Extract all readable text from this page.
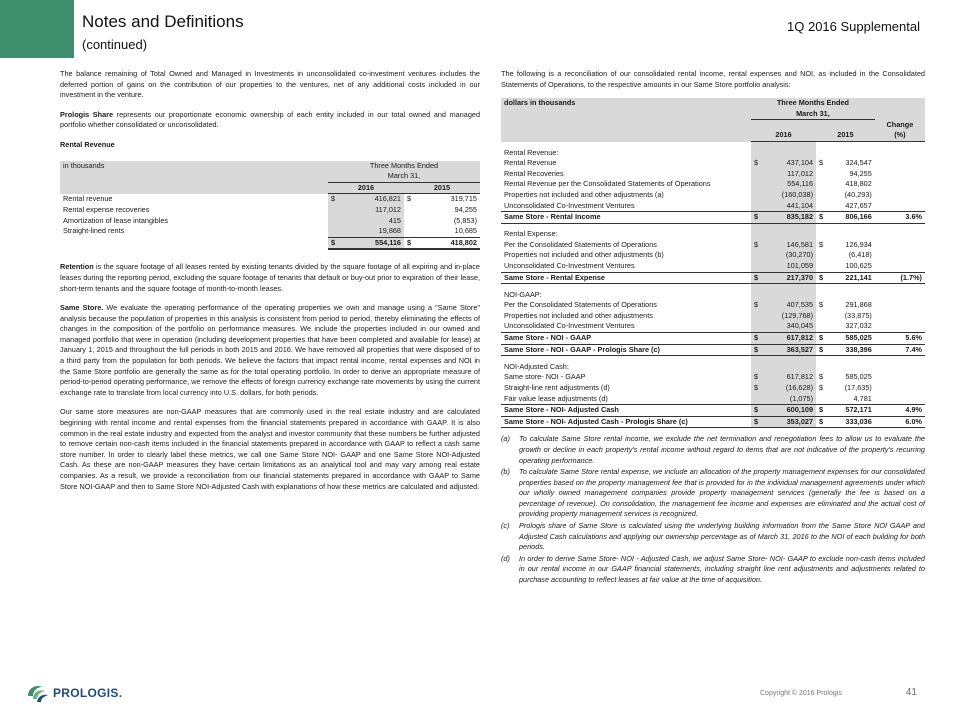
Notes and Definitions
(continued)
1Q 2016 Supplemental

The balance remaining of Total Owned and Managed in Investments in unconsolidated co-investment ventures includes the deferred portion of gains on the contribution of our properties to the ventures, net of any additional costs included in our investment in the venture.

Prologis Share represents our proportionate economic ownership of each entity included in our total owned and managed portfolio whether consolidated or unconsolidated.

Rental Revenue
in thousands	Three Months Ended			
	March 31,			
	2016		2015	
Rental revenue	$	416,821	$	319,715
Rental expense recoveries		117,012		94,255
Amortization of lease intangibles		415		(5,853)
Straight-lined rents		19,868		10,685
	$	554,116	$	418,802

Retention is the square footage of all leases rented by existing tenants divided by the square footage of all expiring and in-place leases during the reporting period, excluding the square footage of tenants that default or buy-out prior to expiration of their lease, short-term tenants and the square footage of month-to-month leases.

Same Store. We evaluate the operating performance of the operating properties we own and manage using a "Same Store" analysis because the population of properties in this analysis is consistent from period to period, thereby eliminating the effects of changes in the composition of the portfolio on performance measures. We include the properties included in our owned and managed portfolio that were in operation (including development properties that have been completed and available for lease) at January 1, 2015 and throughout the full periods in both 2015 and 2016. We have removed all properties that were disposed of to a third party from the population for both periods. We believe the factors that impact rental income, rental expenses and NOI in the Same Store portfolio are generally the same as for the total operating portfolio. In order to derive an appropriate measure of period-to-period operating performance, we remove the effects of foreign currency exchange rate movements by using the current exchange rate to translate from local currency into U.S. dollars, for both periods.

Our same store measures are non-GAAP measures that are commonly used in the real estate industry and are calculated beginning with rental income and rental expenses from the financial statements prepared in accordance with GAAP. It is also common in the real estate industry and expected from the analyst and investor community that these numbers be further adjusted to remove certain non-cash items included in the financial statements prepared in accordance with GAAP to reflect a cash same store number. In order to clearly label these metrics, we call one Same Store NOI- GAAP and one Same Store NOI-Adjusted Cash. As these are non-GAAP measures they have certain limitations as an analytical tool and may vary among real estate companies. As a result, we provide a reconciliation from our financial statements prepared in accordance with GAAP to Same Store NOI-GAAP and then to Same Store NOI-Adjusted Cash with explanations of how these metrics are calculated and adjusted.

The following is a reconciliation of our consolidated rental income, rental expenses and NOI, as included in the Consolidated Statements of Operations, to the respective amounts in our Same Store portfolio analysis:

dollars in thousands	Three Months Ended				
	March 31,				
					Change
	2016		2015		(%)

Rental Revenue:					
Rental Revenue	$	437,104	$	324,547	
Rental Recoveries		117,012		94,255	
Rental Revenue per the Consolidated Statements of Operations		554,116		418,802	
Properties not included and other adjustments (a)		(160,038)		(40,293)	
Unconsolidated Co-Investment Ventures		441,104		427,657	
Same Store - Rental Income	$	835,182	$	806,166	3.6%

Rental Expense:					
Per the Consolidated Statements of Operations	$	146,581	$	126,934	
Properties not included and other adjustments (b)		(30,270)		(6,418)	
Unconsolidated Co-Investment Ventures		101,059		100,625	
Same Store - Rental Expense	$	217,370	$	221,141	(1.7%)

NOI-GAAP:					
Per the Consolidated Statements of Operations	$	407,535	$	291,868	
Properties not included and other adjustments		(129,768)		(33,875)	
Unconsolidated Co-Investment Ventures		340,045		327,032	
Same Store - NOI - GAAP	$	617,812	$	585,025	5.6%
Same Store - NOI - GAAP - Prologis Share (c)	$	363,527	$	338,396	7.4%

NOI-Adjusted Cash:					
Same store- NOI - GAAP	$	617,812	$	585,025	
Straight-line rent adjustments (d)	$	(16,628)	$	(17,635)	
Fair value lease adjustments (d)		(1,075)		4,781	
Same Store - NOI- Adjusted Cash	$	600,109	$	572,171	4.9%
Same Store - NOI- Adjusted Cash - Prologis Share (c)	$	353,027	$	333,036	6.0%
(a)	To calculate Same Store rental income, we exclude the net termination and renegotiation fees to allow us to evaluate the growth or decline in each property's rental income without regard to items that are not indicative of the property's recurring operating performance.
(b)	To calculate Same Store rental expense, we include an allocation of the property management expenses for our consolidated properties based on the property management fee that is provided for in the individual management agreements under which our wholly owned management companies provide property management services (generally the fee is based on a percentage of revenue). On consolidation, the management fee income and expenses are eliminated and the actual cost of providing property management services is recognized.
(c)	Prologis share of Same Store is calculated using the underlying building information from the Same Store NOI GAAP and Adjusted Cash calculations and applying our ownership percentage as of March 31, 2016 to the NOI of each building for both periods.
(d)	In order to derive Same Store- NOI - Adjusted Cash, we adjust Same Store- NOI- GAAP to exclude non-cash items included in our rental income in our GAAP financial statements, including straight line rent adjustments and adjustments related to purchase accounting to reflect leases at fair value at the time of acquisition.
PROLOGIS.	Copyright © 2016 Prologis	41
